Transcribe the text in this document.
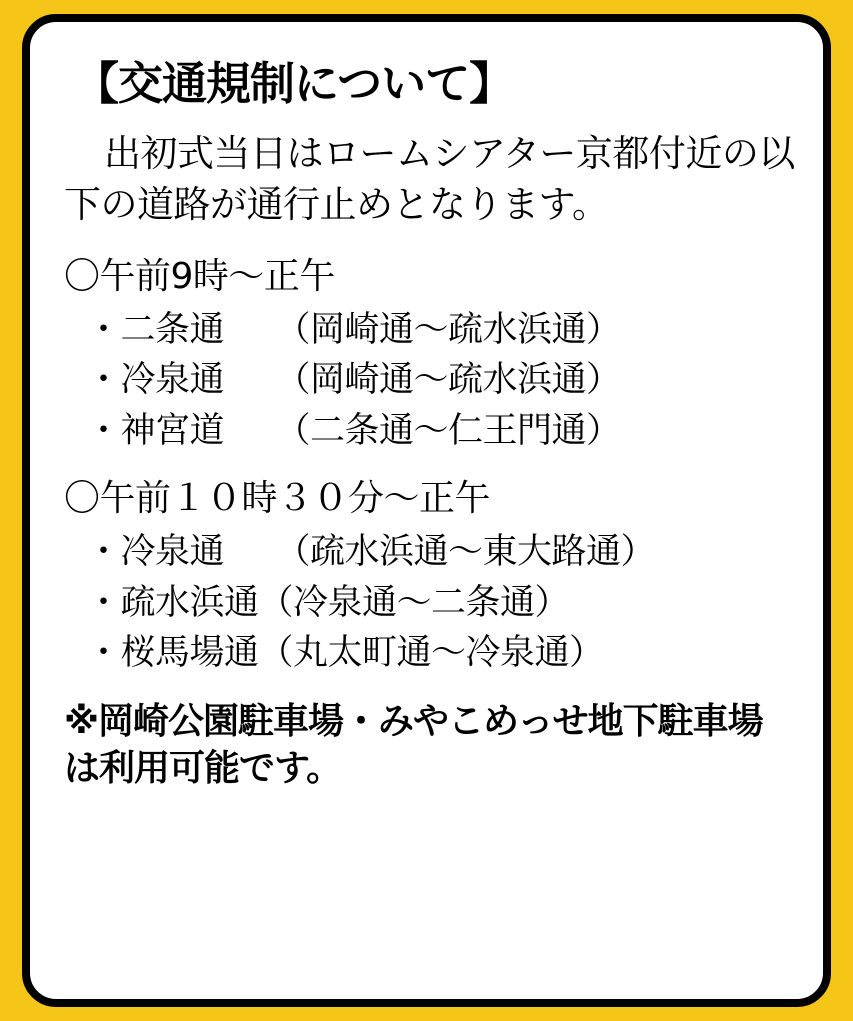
【交通規制について】

出初式当日はロームシアター京都付近の以下の道路が通行止めとなります。

〇午前9時〜正午
・二条通　　（岡崎通〜疏水浜通）
・冷泉通　　（岡崎通〜疏水浜通）
・神宮道　　（二条通〜仁王門通）
〇午前１０時３０分〜正午
・冷泉通　　（疏水浜通〜東大路通）
・疏水浜通（冷泉通〜二条通）
・桜馬場通（丸太町通〜冷泉通）

※岡崎公園駐車場・みやこめっせ地下駐車場は利用可能です。
